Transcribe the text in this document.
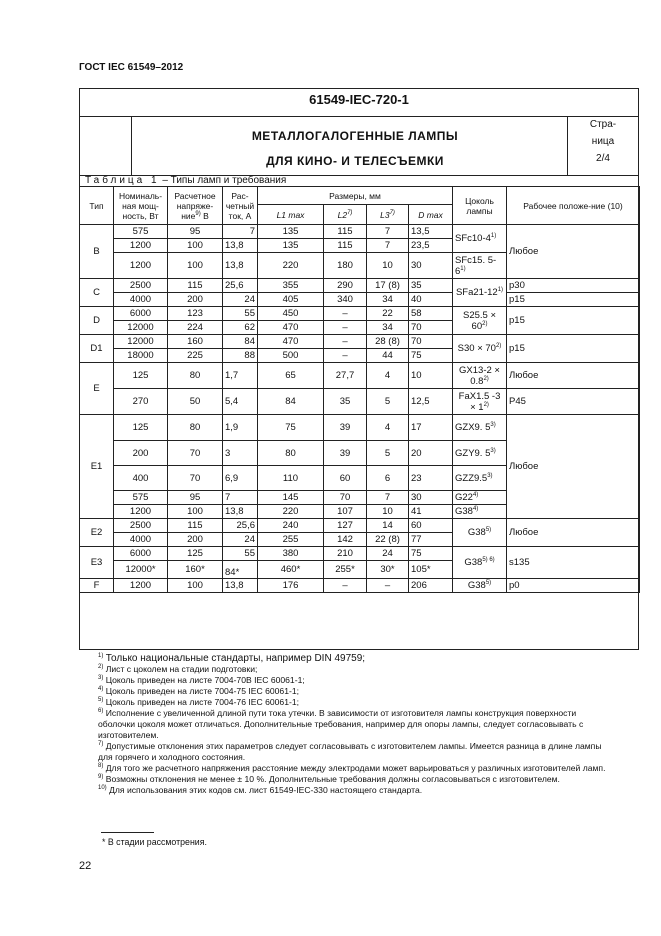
ГОСТ IEC 61549–2012
61549-IEC-720-1
МЕТАЛЛОГАЛОГЕННЫЕ ЛАМПЫ
ДЛЯ КИНО- И ТЕЛЕСЪЕМКИ
Стра-
ница
2/4
Таблица 1 – Типы ламп и требования
Тип	Номиналь-ная мощ-ность, Вт	Расчетное напряже-ние$^{9)}$ В	Рас-четный ток, А	Размеры, мм				Цоколь лампы	Рабочее положе-ние (10)
				L1 max	L2$^{7)}$	L3$^{7)}$	D max		
B	575	95	7	135	115	7	13,5	SFc10-4$^{1)}$	Любое
	1200	100	13,8	135	115	7	23,5		
	1200	100	13,8	220	180	10	30	SFc15. 5-6$^{1)}$
C	2500	115	25,6	355	290	17 (8)	35	SFa21-12$^{1)}$	p30
	4000	200	24	405	340	34	40		p15
D	6000	123	55	450	–	22	58	$S25.5 \times 60^{2)}$	p15
	12000	224	62	470	–	34	70		
D1	12000	160	84	470	–	28 (8)	70	$S30 \times 70^{2)}$	p15
	18000	225	88	500	–	44	75		
E	125	80	1,7	65	27,7	4	10	$GX13-2 \times 0.8^{2)}$	Любое
	270	50	5,4	84	35	5	12,5	FaX1.5 $-3 \times 1^{2)}$	P45
E1	125	80	1,9	75	39	4	17	GZX9. 5$^{3)}$	Любое
	200	70	3	80	39	5	20	GZY9. 5$^{3)}$
	400	70	6,9	110	60	6	23	GZZ9.5$^{3)}$
	575	95	7	145	70	7	30	G22$^{4)}$
	1200	100	13,8	220	107	10	41	G38$^{4)}$
E2	2500	115	25,6	240	127	14	60	G38$^{5)}$	Любое
	4000	200	24	255	142	22 (8)	77		
E3	6000	125	55	380	210	24	75	$G38^{5) 6)}$	s135
	12000*	160*	84*	460*	255*	30*	105*		
F	1200	100	13,8	176	–	–	206	G38$^{5)}$	p0
$^{1)}$ Только национальные стандарты, например DIN 49759;
$^{2)}$ Лист с цоколем на стадии подготовки;
$^{3)}$ Цоколь приведен на листе 7004-70В IEC 60061-1;
$^{4)}$ Цоколь приведен на листе 7004-75 IEC 60061-1;
$^{5)}$ Цоколь приведен на листе 7004-76 IEC 60061-1;
$^{6)}$ Исполнение с увеличенной длиной пути тока утечки. В зависимости от изготовителя лампы конструкция поверхности оболочки цоколя может отличаться. Дополнительные требования, например для опоры лампы, следует согласовывать с изготовителем.
$^{7)}$ Допустимые отклонения этих параметров следует согласовывать с изготовителем лампы. Имеется разница в длине лампы для горячего и холодного состояния.
$^{8)}$ Для того же расчетного напряжения расстояние между электродами может варьироваться у различных изготовителей ламп.
$^{9)}$ Возможны отклонения не менее ± 10 %. Дополнительные требования должны согласовываться с изготовителем.
$^{10)}$ Для использования этих кодов см. лист 61549-IEC-330 настоящего стандарта.
* В стадии рассмотрения.
22
